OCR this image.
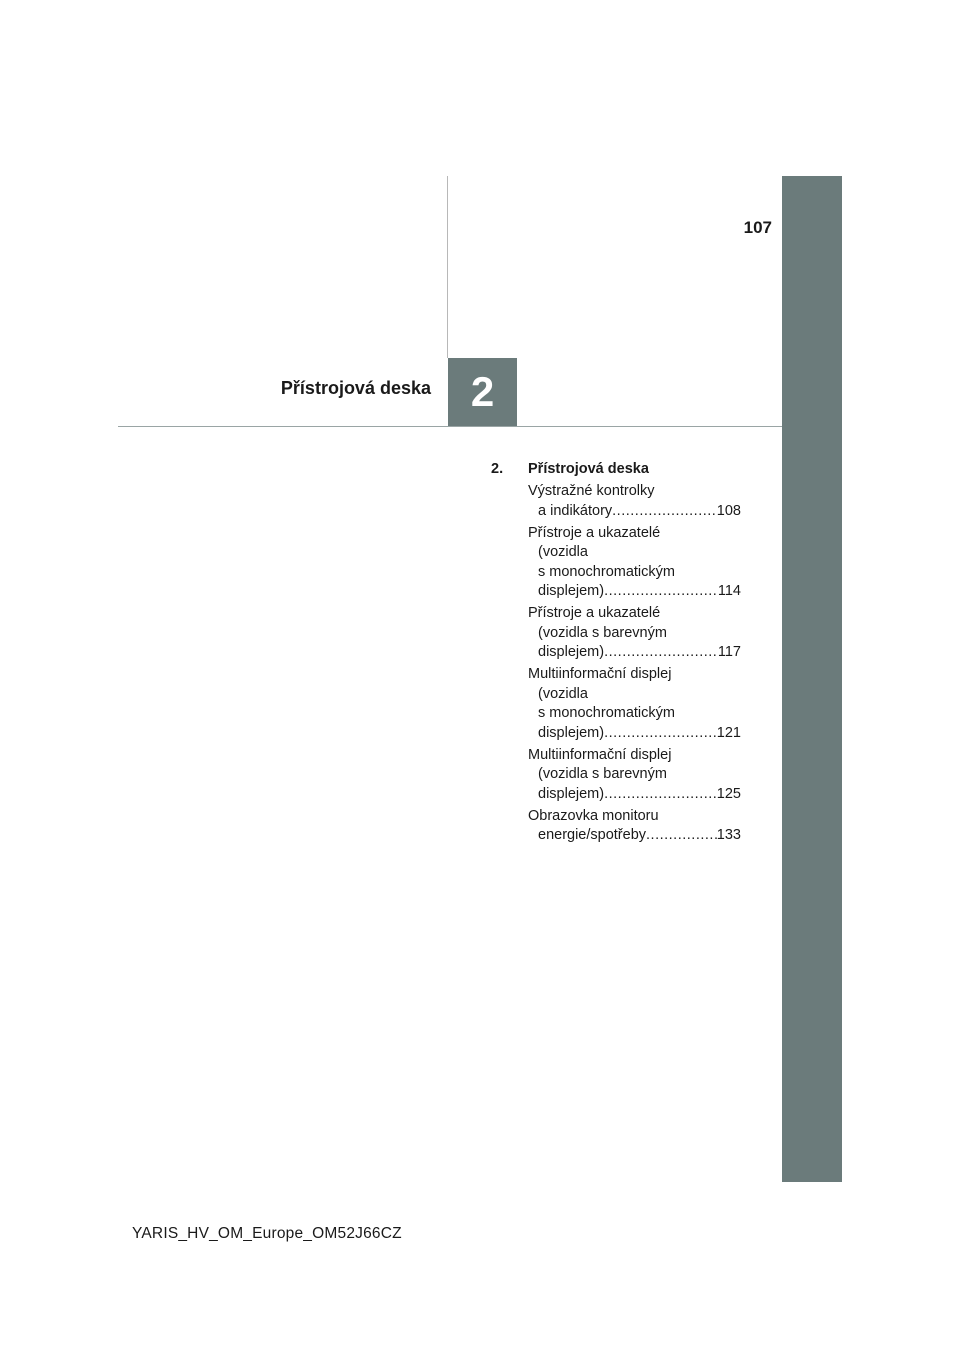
107
Přístrojová deska 2
2.	Přístrojová deska
Výstražné kontrolky
a indikátory .....	108
Přístroje a ukazatelé
(vozidla
s monochromatickým
displejem) .....	114
Přístroje a ukazatelé
(vozidla s barevným
displejem) .....	117
Multiinformační displej
(vozidla
s monochromatickým
displejem) .....	121
Multiinformační displej
(vozidla s barevným
displejem) .....	125
Obrazovka monitoru
energie/spotřeby .....	133
YARIS_HV_OM_Europe_OM52J66CZ
